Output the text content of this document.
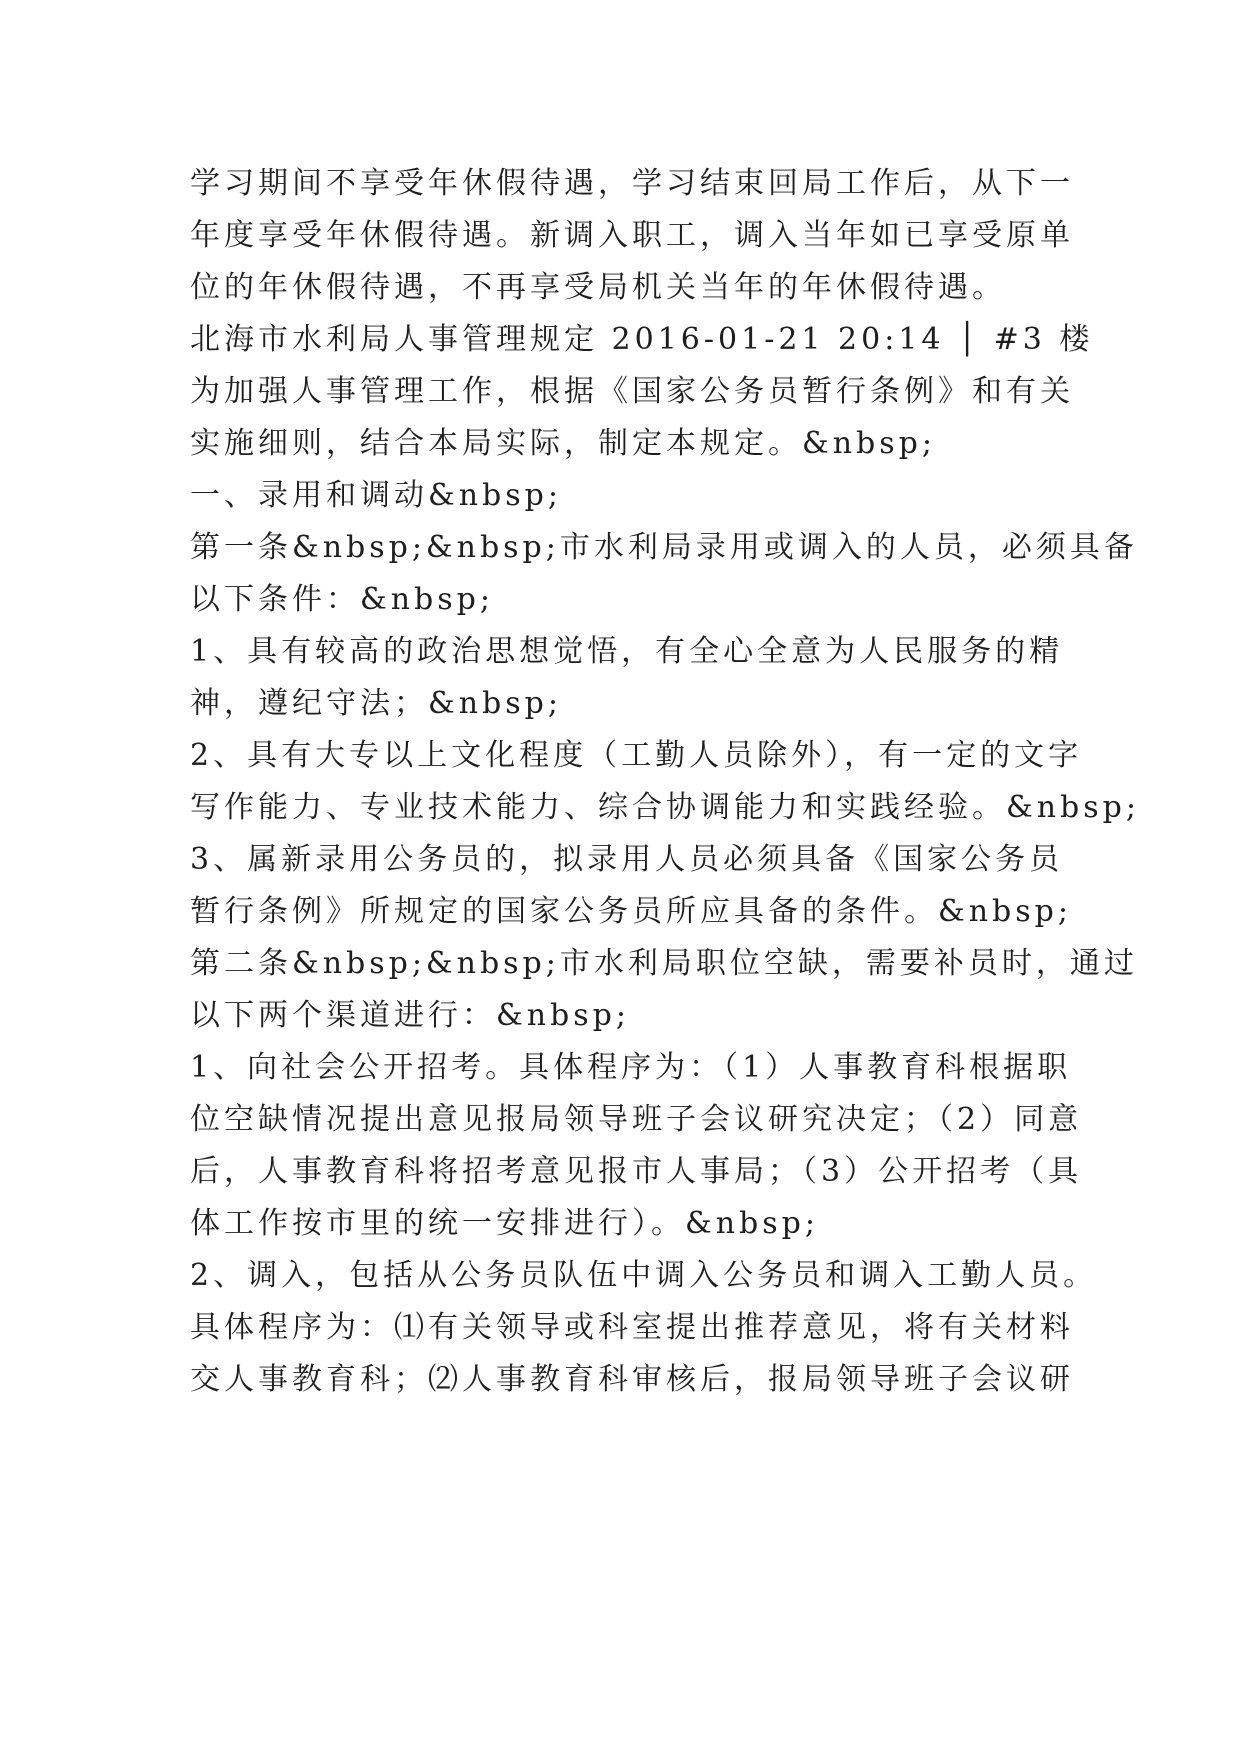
学习期间不享受年休假待遇，学习结束回局工作后，从下一
年度享受年休假待遇。新调入职工，调入当年如已享受原单
位的年休假待遇，不再享受局机关当年的年休假待遇。
北海市水利局人事管理规定 2016-01-21 20:14 │ #3 楼
为加强人事管理工作，根据《国家公务员暂行条例》和有关
实施细则，结合本局实际，制定本规定。&nbsp;
一、录用和调动&nbsp;
第一条&nbsp;&nbsp;市水利局录用或调入的人员，必须具备
以下条件：&nbsp;
1、具有较高的政治思想觉悟，有全心全意为人民服务的精
神，遵纪守法；&nbsp;
2、具有大专以上文化程度（工勤人员除外），有一定的文字
写作能力、专业技术能力、综合协调能力和实践经验。&nbsp;
3、属新录用公务员的，拟录用人员必须具备《国家公务员
暂行条例》所规定的国家公务员所应具备的条件。&nbsp;
第二条&nbsp;&nbsp;市水利局职位空缺，需要补员时，通过
以下两个渠道进行：&nbsp;
1、向社会公开招考。具体程序为：（1）人事教育科根据职
位空缺情况提出意见报局领导班子会议研究决定；（2）同意
后，人事教育科将招考意见报市人事局；（3）公开招考（具
体工作按市里的统一安排进行）。&nbsp;
2、调入，包括从公务员队伍中调入公务员和调入工勤人员。
具体程序为：⑴有关领导或科室提出推荐意见，将有关材料
交人事教育科；⑵人事教育科审核后，报局领导班子会议研
